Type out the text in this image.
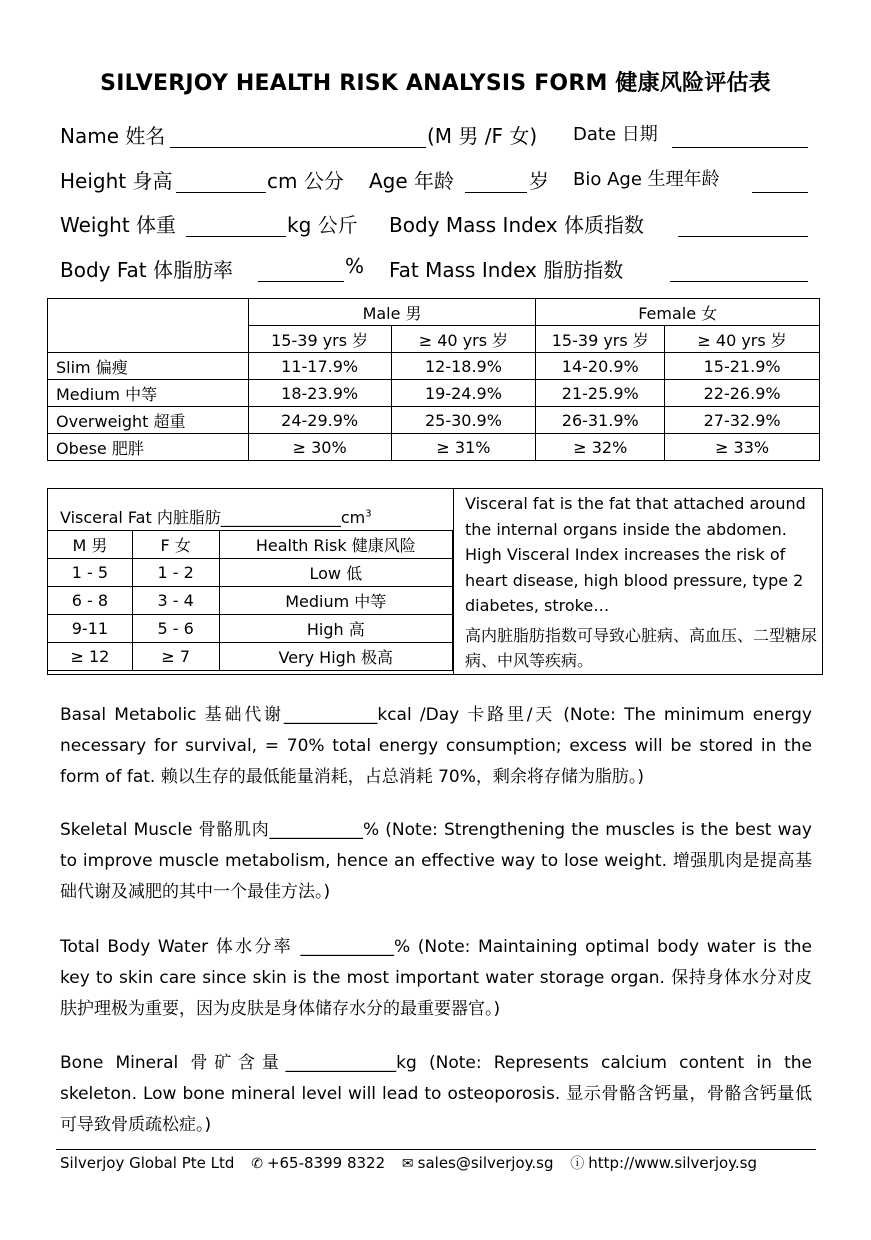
SILVERJOY HEALTH RISK ANALYSIS FORM 健康风险评估表
Name 姓名	(M 男 /F 女) Date 日期
Height 身高	cm 公分 Age 年龄	岁 Bio Age 生理年龄
Weight 体重	kg 公斤 Body Mass Index 体质指数
Body Fat 体脂肪率	% Fat Mass Index 脂肪指数
	Male 男		Female 女	
	15-39 yrs 岁	≥ 40 yrs 岁	15-39 yrs 岁	≥ 40 yrs 岁
Slim 偏瘦	11-17.9%	12-18.9%	14-20.9%	15-21.9%
Medium 中等	18-23.9%	19-24.9%	21-25.9%	22-26.9%
Overweight 超重	24-29.9%	25-30.9%	26-31.9%	27-32.9%
Obese 肥胖	≥ 30%	≥ 31%	≥ 32%	≥ 33%
Visceral Fat 内脏脂肪$\_\_\_\_\_\_\_\_\_\_\_\_\_\_\_cm^3$
M 男	F 女	Health Risk 健康风险
1 - 5	1 - 2	Low 低
6 - 8	3 - 4	Medium 中等
9-11	5 - 6	High 高
≥ 12	≥ 7	Very High 极高
Visceral fat is the fat that attached around the internal organs inside the abdomen. High Visceral Index increases the risk of heart disease, high blood pressure, type 2 diabetes, stroke…
高内脏脂肪指数可导致心脏病、高血压、二型糖尿病、中风等疾病。
Basal Metabolic 基础代谢___________kcal /Day 卡路里/天 (Note: The minimum energy necessary for survival, = 70% total energy consumption; excess will be stored in the form of fat. 赖以生存的最低能量消耗，占总消耗 70%，剩余将存储为脂肪。)
Skeletal Muscle 骨骼肌肉___________% (Note: Strengthening the muscles is the best way to improve muscle metabolism, hence an effective way to lose weight. 增强肌肉是提高基础代谢及减肥的其中一个最佳方法。)
Total Body Water 体水分率 ___________% (Note: Maintaining optimal body water is the key to skin care since skin is the most important water storage organ. 保持身体水分对皮肤护理极为重要，因为皮肤是身体储存水分的最重要器官。)
Bone Mineral 骨矿含量_____________kg (Note: Represents calcium content in the skeleton. Low bone mineral level will lead to osteoporosis. 显示骨骼含钙量，骨骼含钙量低可导致骨质疏松症。)
Silverjoy Global Pte Ltd ✆ +65-8399 8322 ✉ sales@silverjoy.sg ⓘ http://www.silverjoy.sg
